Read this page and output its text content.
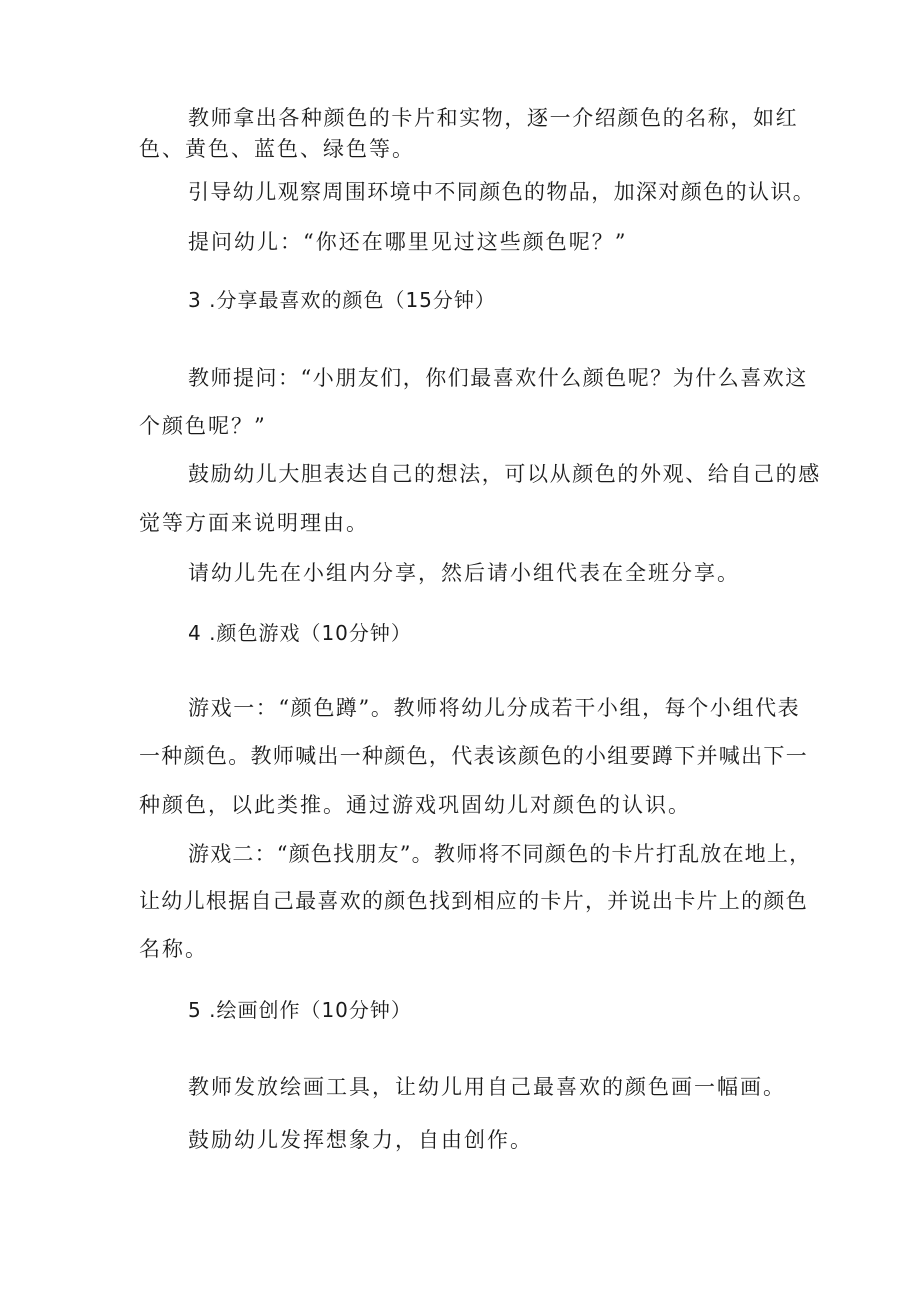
教师拿出各种颜色的卡片和实物，逐一介绍颜色的名称，如红
色、黄色、蓝色、绿色等。
引导幼儿观察周围环境中不同颜色的物品，加深对颜色的认识。
提问幼儿：“你还在哪里见过这些颜色呢？”
3 .分享最喜欢的颜色（15分钟）
教师提问：“小朋友们，你们最喜欢什么颜色呢？为什么喜欢这
个颜色呢？”
鼓励幼儿大胆表达自己的想法，可以从颜色的外观、给自己的感
觉等方面来说明理由。
请幼儿先在小组内分享，然后请小组代表在全班分享。
4 .颜色游戏（10分钟）
游戏一：“颜色蹲”。教师将幼儿分成若干小组，每个小组代表
一种颜色。教师喊出一种颜色，代表该颜色的小组要蹲下并喊出下一
种颜色，以此类推。通过游戏巩固幼儿对颜色的认识。
游戏二：“颜色找朋友”。教师将不同颜色的卡片打乱放在地上，
让幼儿根据自己最喜欢的颜色找到相应的卡片，并说出卡片上的颜色
名称。
5 .绘画创作（10分钟）
教师发放绘画工具，让幼儿用自己最喜欢的颜色画一幅画。
鼓励幼儿发挥想象力，自由创作。
